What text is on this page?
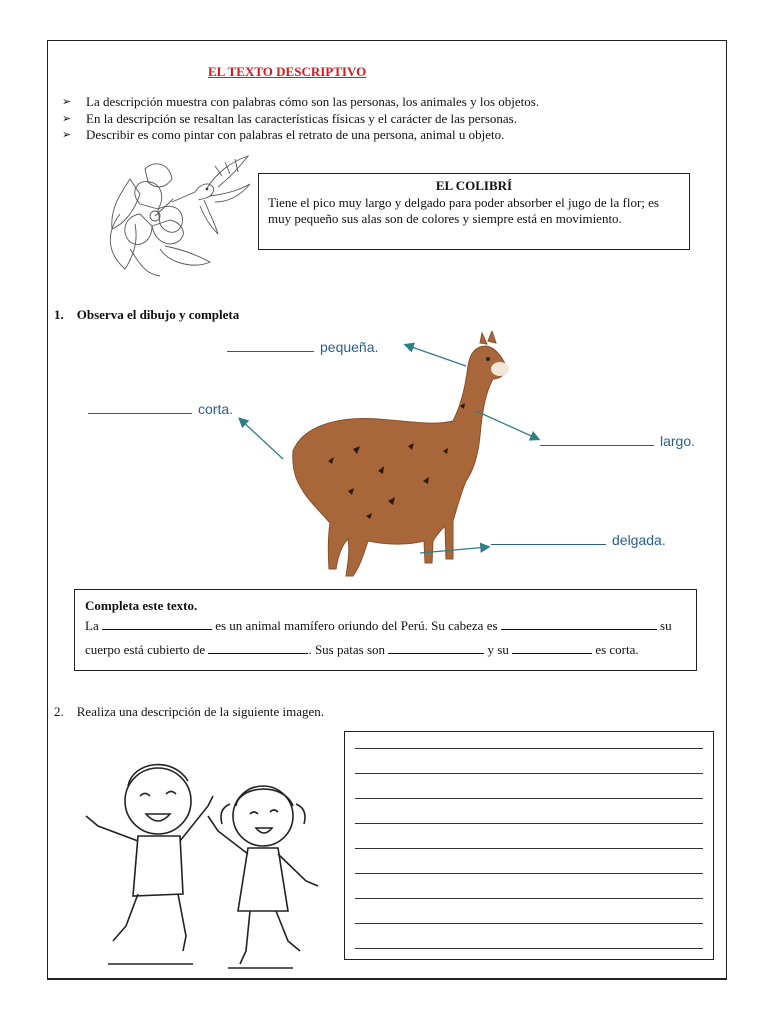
EL TEXTO DESCRIPTIVO
➢ La descripción muestra con palabras cómo son las personas, los animales y los objetos.
➢ En la descripción se resaltan las características físicas y el carácter de las personas.
➢ Describir es como pintar con palabras el retrato de una persona, animal u objeto.
EL COLIBRÍ
Tiene el pico muy largo y delgado para poder absorber el jugo de la flor; es muy pequeño sus alas son de colores y siempre está en movimiento.
1. Observa el dibujo y completa
pequeña.
corta.
largo.
delgada.
Completa este texto.
La	es un animal mamífero oriundo del Perú. Su cabeza es	su
cuerpo está cubierto de	. Sus patas son	y su	es corta.
2. Realiza una descripción de la siguiente imagen.
